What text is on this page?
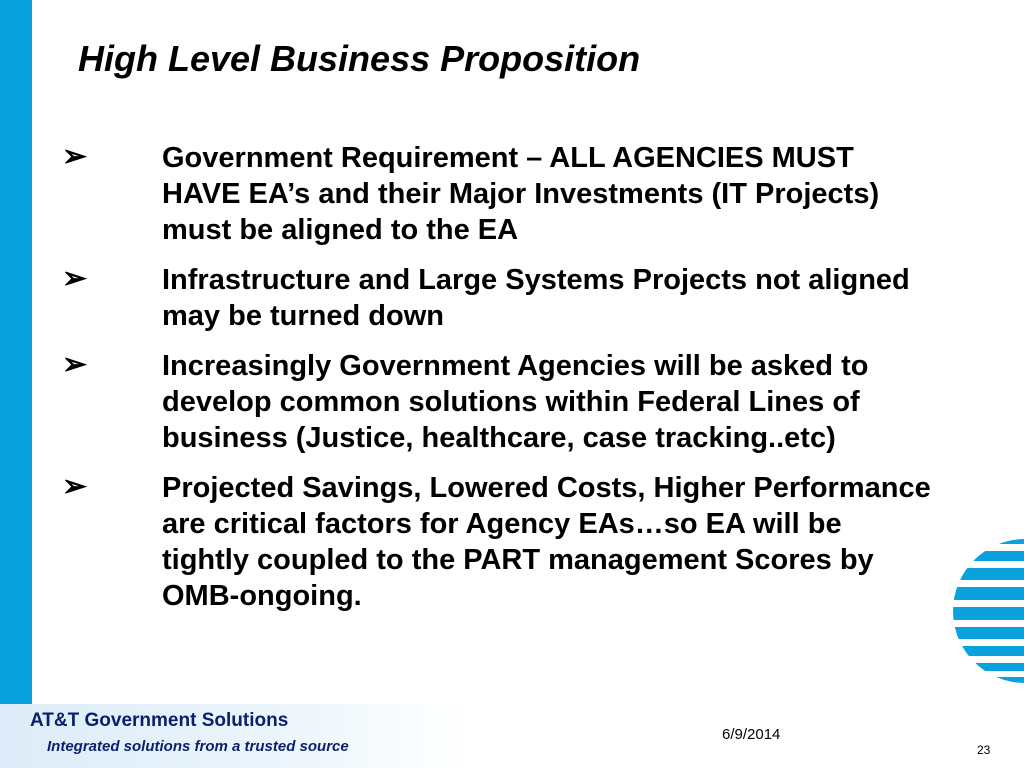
High Level Business Proposition
➢	Government Requirement – ALL AGENCIES MUST HAVE EA’s and their Major Investments (IT Projects) must be aligned to the EA
➢	Infrastructure and Large Systems Projects not aligned may be turned down
➢	Increasingly Government Agencies will be asked to develop common solutions within Federal Lines of business (Justice, healthcare, case tracking..etc)
➢	Projected Savings, Lowered Costs, Higher Performance are critical factors for Agency EAs…so EA will be tightly coupled to the PART management Scores by OMB-ongoing.
AT&T Government Solutions
Integrated solutions from a trusted source
6/9/2014
23
